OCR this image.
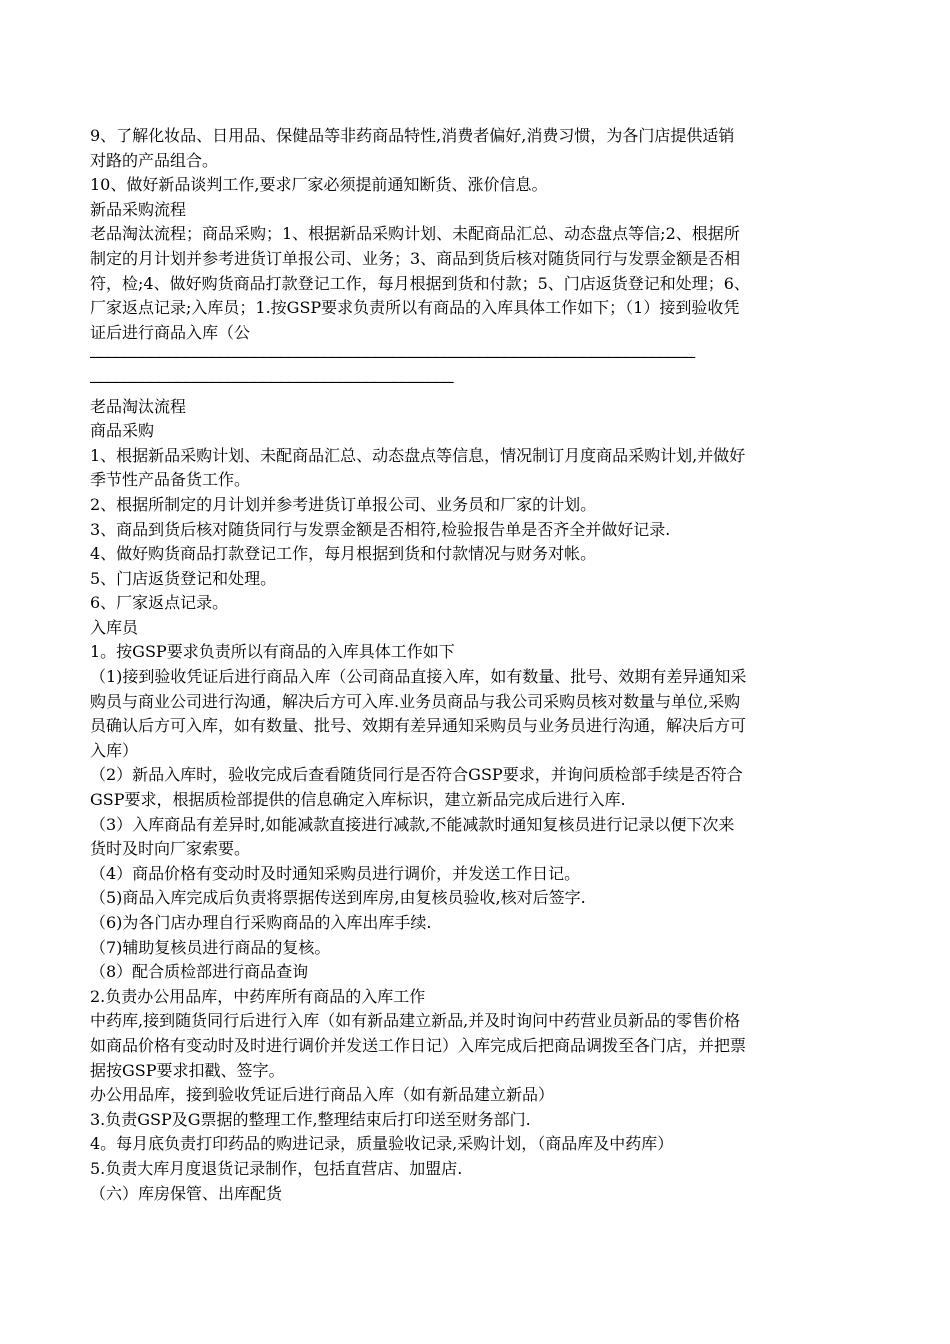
9、了解化妆品、日用品、保健品等非药商品特性,消费者偏好,消费习惯，为各门店提供适销
对路的产品组合。
10、做好新品谈判工作,要求厂家必须提前通知断货、涨价信息。
新品采购流程
老品淘汰流程；商品采购；1、根据新品采购计划、未配商品汇总、动态盘点等信;2、根据所
制定的月计划并参考进货订单报公司、业务；3、商品到货后核对随货同行与发票金额是否相
符，检;4、做好购货商品打款登记工作，每月根据到货和付款；5、门店返货登记和处理；6、
厂家返点记录;入库员；1.按GSP要求负责所以有商品的入库具体工作如下；（1）接到验收凭
证后进行商品入库（公
——————————————————————————————————————————————————————————————————————
——————————————————————————————————————————
老品淘汰流程
商品采购
1、根据新品采购计划、未配商品汇总、动态盘点等信息，情况制订月度商品采购计划,并做好
季节性产品备货工作。
2、根据所制定的月计划并参考进货订单报公司、业务员和厂家的计划。
3、商品到货后核对随货同行与发票金额是否相符,检验报告单是否齐全并做好记录.
4、做好购货商品打款登记工作，每月根据到货和付款情况与财务对帐。
5、门店返货登记和处理。
6、厂家返点记录。
入库员
1。按GSP要求负责所以有商品的入库具体工作如下
（1)接到验收凭证后进行商品入库（公司商品直接入库，如有数量、批号、效期有差异通知采
购员与商业公司进行沟通，解决后方可入库.业务员商品与我公司采购员核对数量与单位,采购
员确认后方可入库，如有数量、批号、效期有差异通知采购员与业务员进行沟通，解决后方可
入库）
（2）新品入库时，验收完成后查看随货同行是否符合GSP要求，并询问质检部手续是否符合
GSP要求，根据质检部提供的信息确定入库标识，建立新品完成后进行入库.
（3）入库商品有差异时,如能减款直接进行减款,不能减款时通知复核员进行记录以便下次来
货时及时向厂家索要。
（4）商品价格有变动时及时通知采购员进行调价，并发送工作日记。
（5)商品入库完成后负责将票据传送到库房,由复核员验收,核对后签字.
（6)为各门店办理自行采购商品的入库出库手续.
（7)辅助复核员进行商品的复核。
（8）配合质检部进行商品查询
2.负责办公用品库，中药库所有商品的入库工作
中药库,接到随货同行后进行入库（如有新品建立新品,并及时询问中药营业员新品的零售价格
如商品价格有变动时及时进行调价并发送工作日记）入库完成后把商品调拨至各门店，并把票
据按GSP要求扣戳、签字。
办公用品库，接到验收凭证后进行商品入库（如有新品建立新品）
3.负责GSP及G票据的整理工作,整理结束后打印送至财务部门.
4。每月底负责打印药品的购进记录，质量验收记录,采购计划，（商品库及中药库）
5.负责大库月度退货记录制作，包括直营店、加盟店.
（六）库房保管、出库配货
